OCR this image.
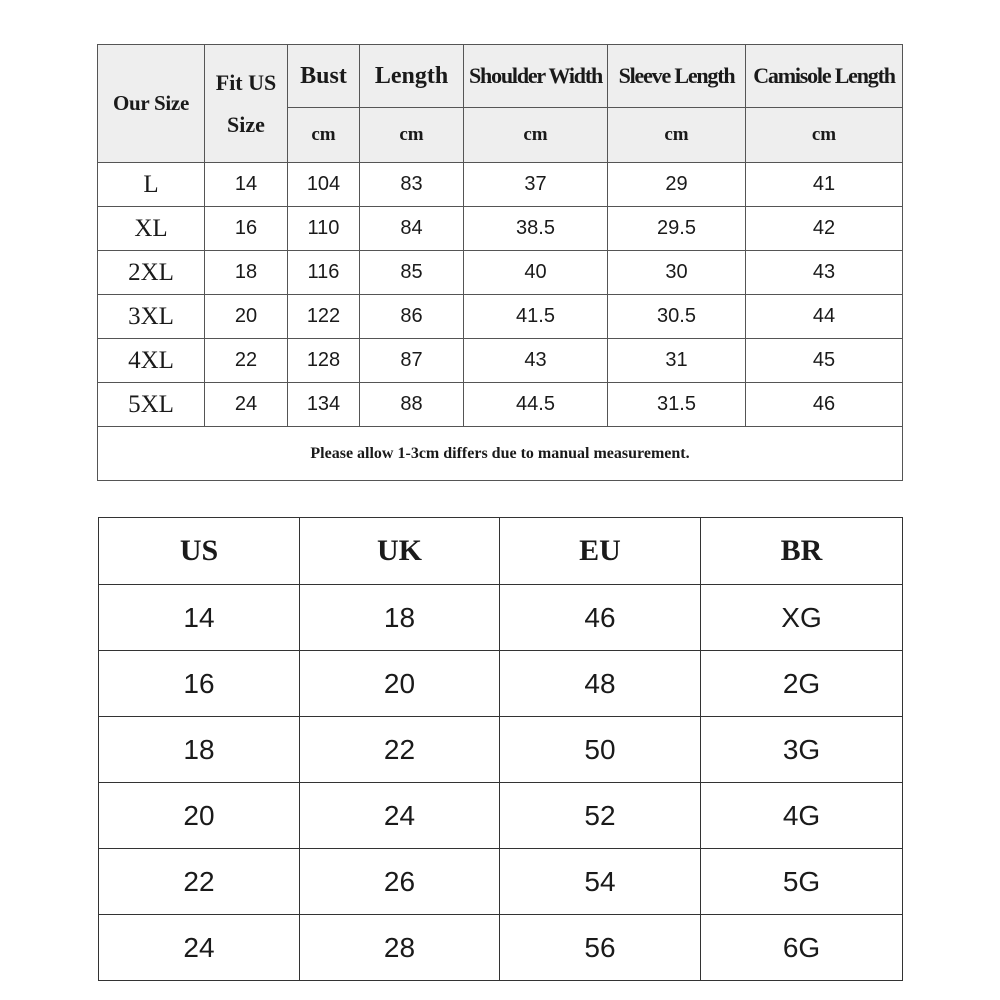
Our Size	Fit US Size	Bust	Length	Shoulder Width	Sleeve Length	Camisole Length
		cm	cm	cm	cm	cm
L	14	104	83	37	29	41
XL	16	110	84	38.5	29.5	42
2XL	18	116	85	40	30	43
3XL	20	122	86	41.5	30.5	44
4XL	22	128	87	43	31	45
5XL	24	134	88	44.5	31.5	46
Please allow 1-3cm differs due to manual measurement.						
US	UK	EU	BR
14	18	46	XG
16	20	48	2G
18	22	50	3G
20	24	52	4G
22	26	54	5G
24	28	56	6G
